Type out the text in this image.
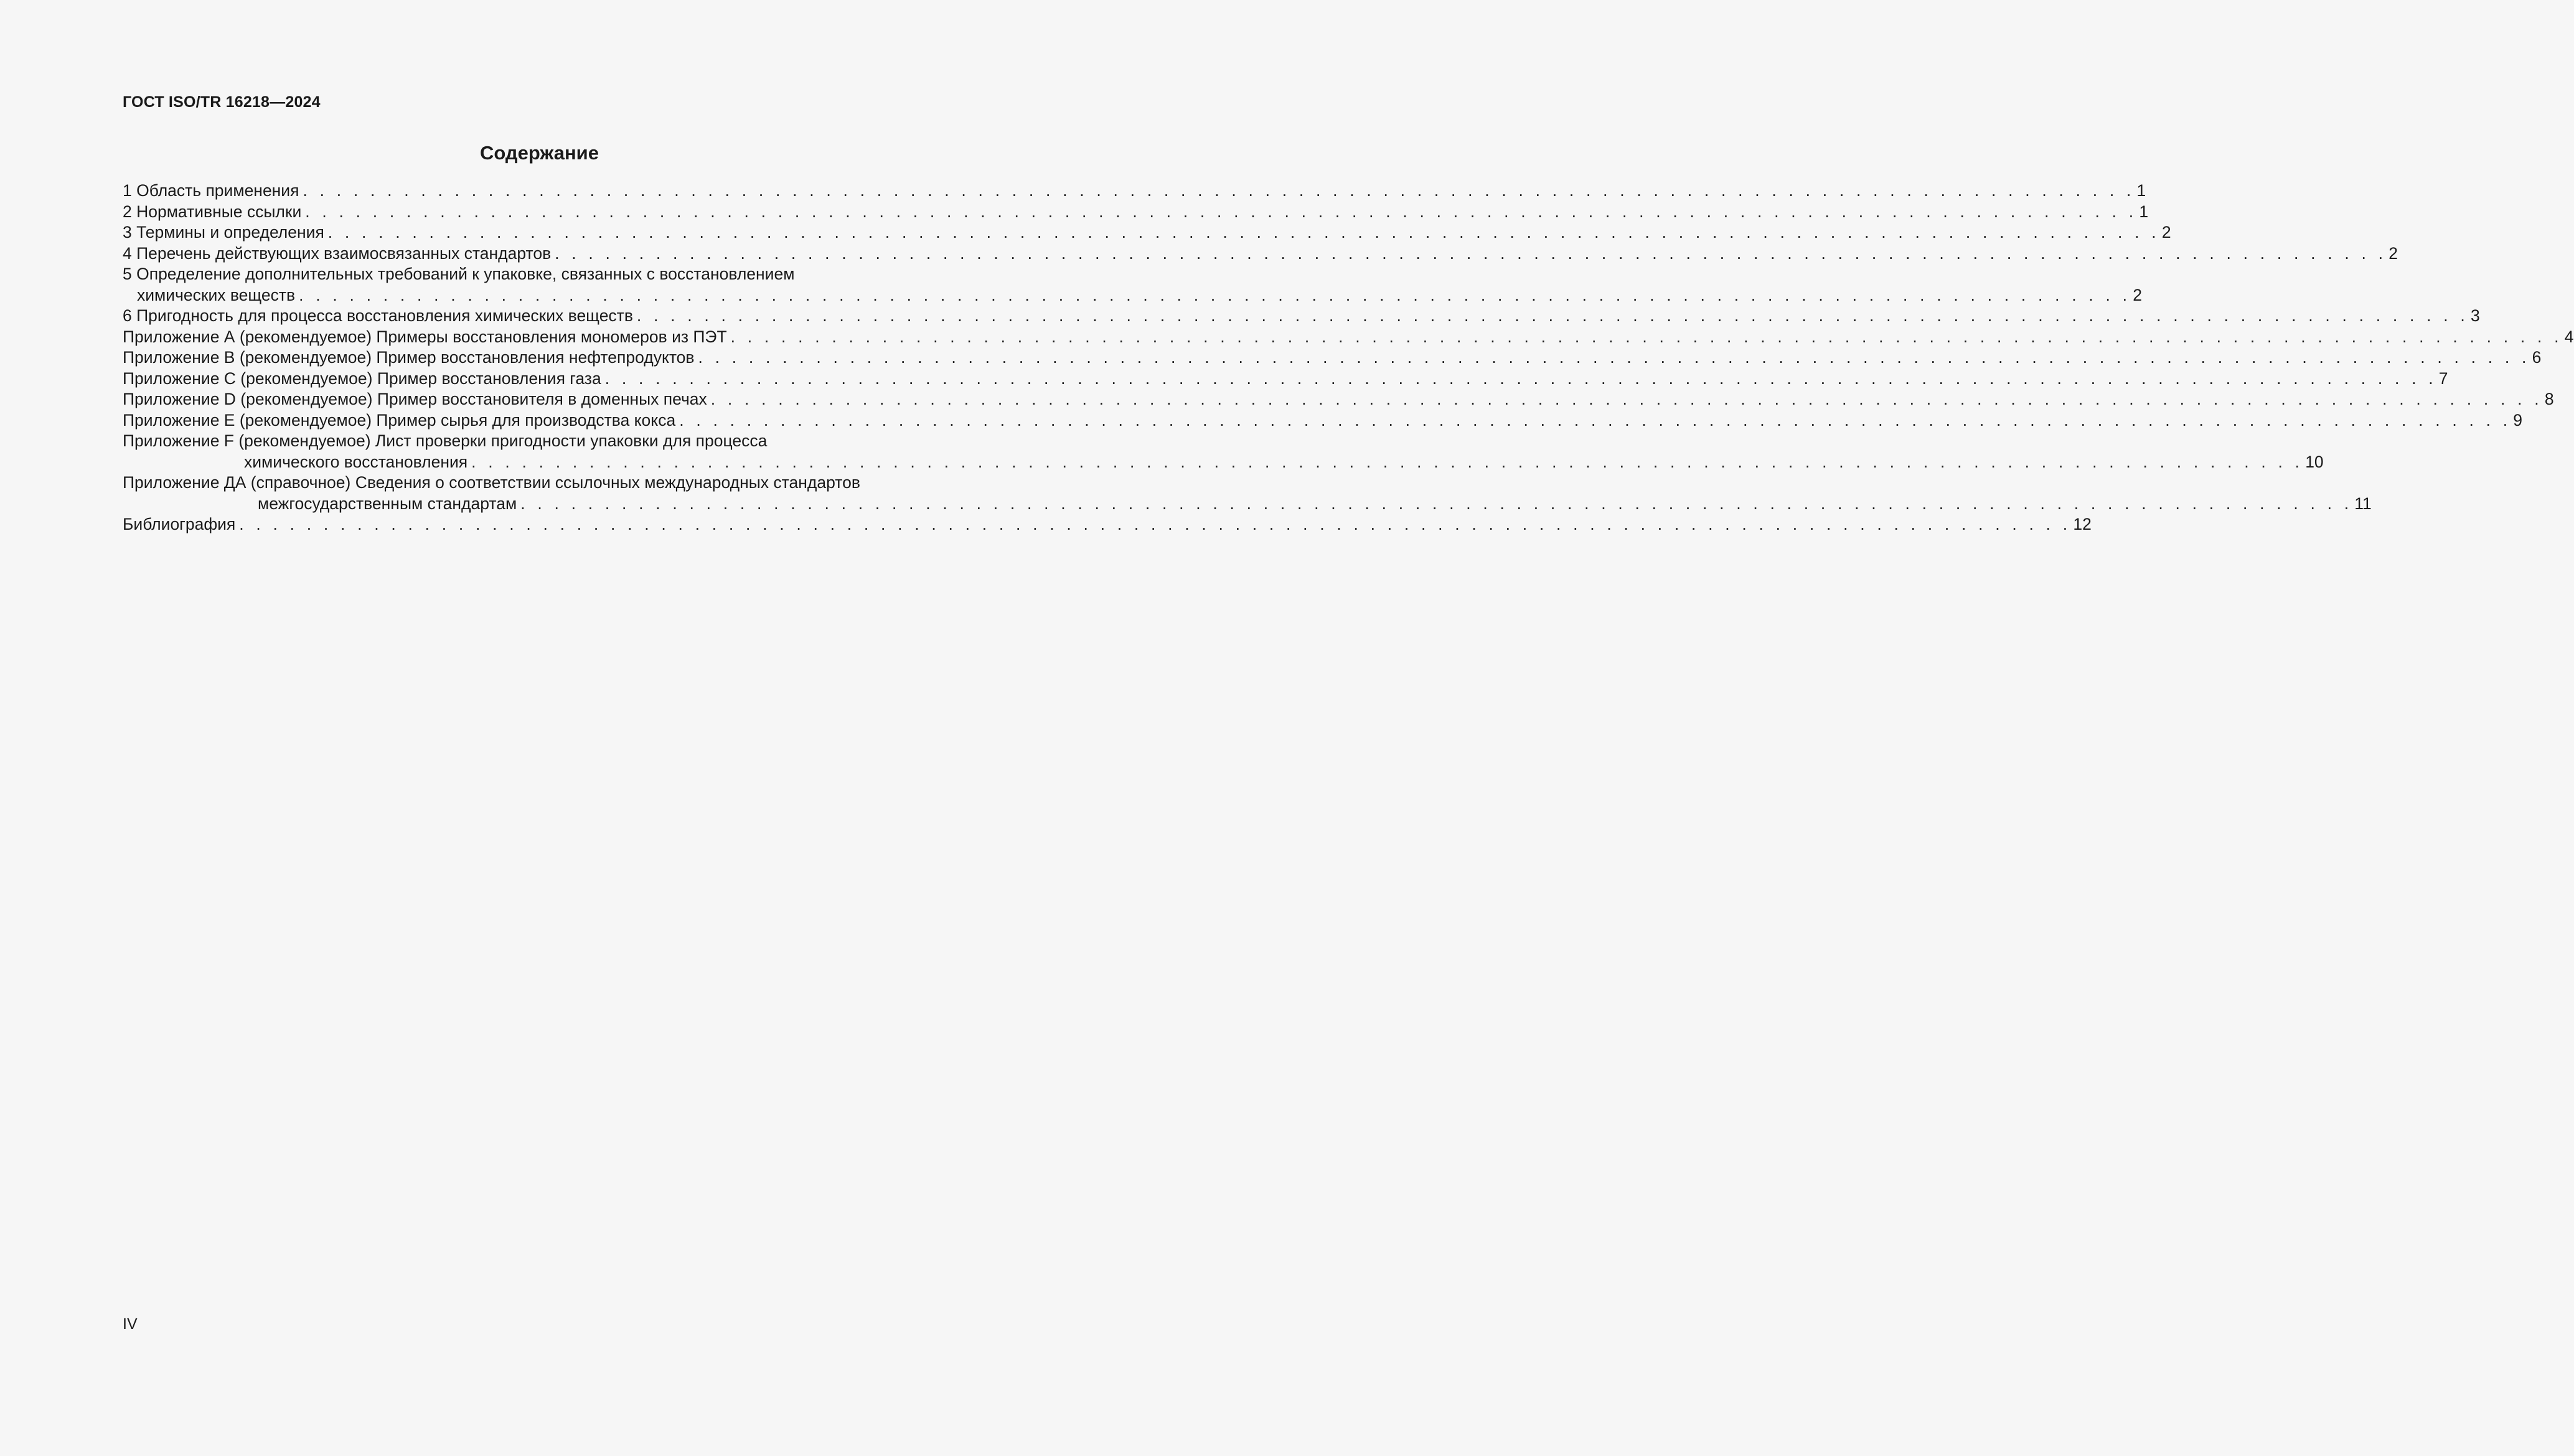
ГОСТ ISO/TR 16218—2024
Содержание
1 Область применения . . . . . . . . . . . . . . . . . . . . . . . . . . . . . . . . . . . . . . . . . . . . . . . . . . . . . . . . . . . . . . . . . . . . . . . . . . . . . . . . . . . . . . . . . . . . . . . . . . . . . . . . . . . . . 1
2 Нормативные ссылки . . . . . . . . . . . . . . . . . . . . . . . . . . . . . . . . . . . . . . . . . . . . . . . . . . . . . . . . . . . . . . . . . . . . . . . . . . . . . . . . . . . . . . . . . . . . . . . . . . . . . . . . . . . . . 1
3 Термины и определения . . . . . . . . . . . . . . . . . . . . . . . . . . . . . . . . . . . . . . . . . . . . . . . . . . . . . . . . . . . . . . . . . . . . . . . . . . . . . . . . . . . . . . . . . . . . . . . . . . . . . . . . . . . . . 2
4 Перечень действующих взаимосвязанных стандартов . . . . . . . . . . . . . . . . . . . . . . . . . . . . . . . . . . . . . . . . . . . . . . . . . . . . . . . . . . . . . . . . . . . . . . . . . . . . . . . . . . . . . . . . . . . . . . . . . . . . . . . . . . . . . 2
5 Определение дополнительных требований к упаковке, связанных с восстановлением
химических веществ . . . . . . . . . . . . . . . . . . . . . . . . . . . . . . . . . . . . . . . . . . . . . . . . . . . . . . . . . . . . . . . . . . . . . . . . . . . . . . . . . . . . . . . . . . . . . . . . . . . . . . . . . . . . . 2
6 Пригодность для процесса восстановления химических веществ . . . . . . . . . . . . . . . . . . . . . . . . . . . . . . . . . . . . . . . . . . . . . . . . . . . . . . . . . . . . . . . . . . . . . . . . . . . . . . . . . . . . . . . . . . . . . . . . . . . . . . . . . . . . . 3
Приложение А (рекомендуемое) Примеры восстановления мономеров из ПЭТ . . . . . . . . . . . . . . . . . . . . . . . . . . . . . . . . . . . . . . . . . . . . . . . . . . . . . . . . . . . . . . . . . . . . . . . . . . . . . . . . . . . . . . . . . . . . . . . . . . . . . . . . . . . . . 4
Приложение В (рекомендуемое) Пример восстановления нефтепродуктов . . . . . . . . . . . . . . . . . . . . . . . . . . . . . . . . . . . . . . . . . . . . . . . . . . . . . . . . . . . . . . . . . . . . . . . . . . . . . . . . . . . . . . . . . . . . . . . . . . . . . . . . . . . . . 6
Приложение С (рекомендуемое) Пример восстановления газа . . . . . . . . . . . . . . . . . . . . . . . . . . . . . . . . . . . . . . . . . . . . . . . . . . . . . . . . . . . . . . . . . . . . . . . . . . . . . . . . . . . . . . . . . . . . . . . . . . . . . . . . . . . . . 7
Приложение D (рекомендуемое) Пример восстановителя в доменных печах . . . . . . . . . . . . . . . . . . . . . . . . . . . . . . . . . . . . . . . . . . . . . . . . . . . . . . . . . . . . . . . . . . . . . . . . . . . . . . . . . . . . . . . . . . . . . . . . . . . . . . . . . . . . . 8
Приложение Е (рекомендуемое) Пример сырья для производства кокса . . . . . . . . . . . . . . . . . . . . . . . . . . . . . . . . . . . . . . . . . . . . . . . . . . . . . . . . . . . . . . . . . . . . . . . . . . . . . . . . . . . . . . . . . . . . . . . . . . . . . . . . . . . . . 9
Приложение F (рекомендуемое) Лист проверки пригодности упаковки для процесса
химического восстановления . . . . . . . . . . . . . . . . . . . . . . . . . . . . . . . . . . . . . . . . . . . . . . . . . . . . . . . . . . . . . . . . . . . . . . . . . . . . . . . . . . . . . . . . . . . . . . . . . . . . . . . . . . . . . 10
Приложение ДА (справочное) Сведения о соответствии ссылочных международных стандартов
межгосударственным стандартам . . . . . . . . . . . . . . . . . . . . . . . . . . . . . . . . . . . . . . . . . . . . . . . . . . . . . . . . . . . . . . . . . . . . . . . . . . . . . . . . . . . . . . . . . . . . . . . . . . . . . . . . . . . . . 11
Библиография . . . . . . . . . . . . . . . . . . . . . . . . . . . . . . . . . . . . . . . . . . . . . . . . . . . . . . . . . . . . . . . . . . . . . . . . . . . . . . . . . . . . . . . . . . . . . . . . . . . . . . . . . . . . . 12
IV
